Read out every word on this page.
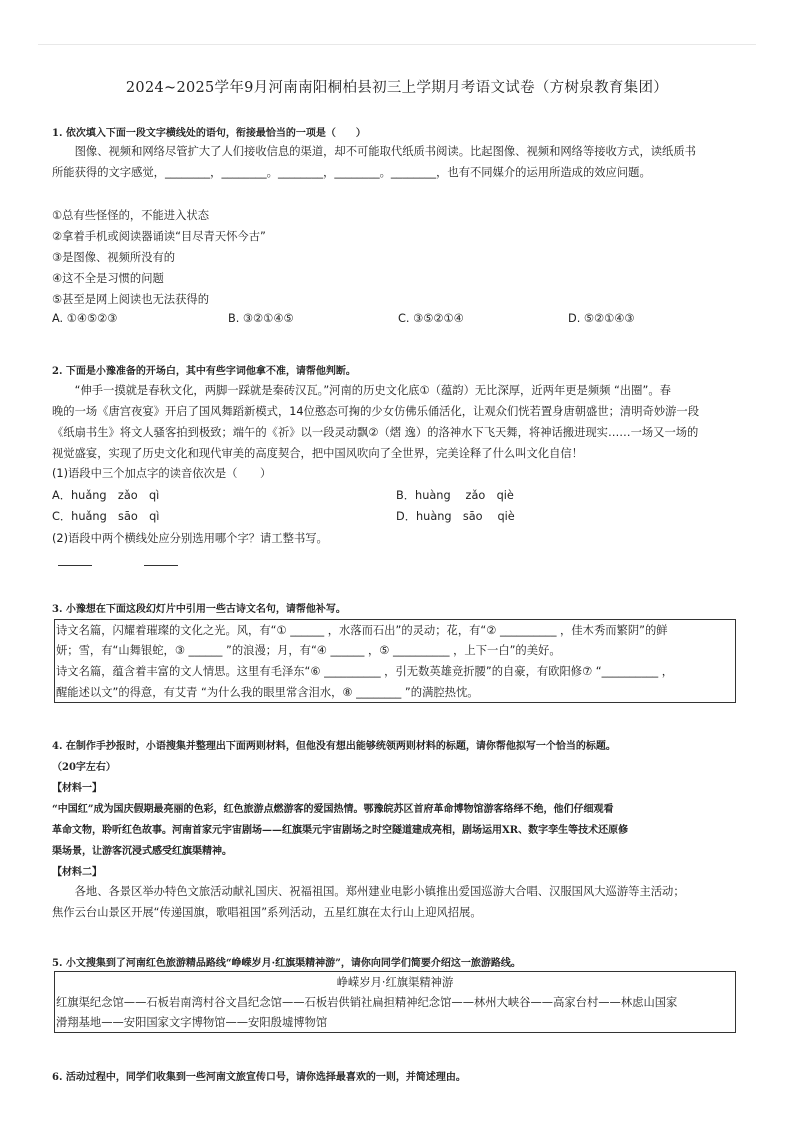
2024~2025学年9月河南南阳桐柏县初三上学期月考语文试卷（方树泉教育集团）
1. 依次填入下面一段文字横线处的语句，衔接最恰当的一项是（　　）
图像、视频和网络尽管扩大了人们接收信息的渠道，却不可能取代纸质书阅读。比起图像、视频和网络等接收方式，读纸质书
所能获得的文字感觉，________，________。________，________。________，也有不同媒介的运用所造成的效应问题。
①总有些怪怪的，不能进入状态
②拿着手机或阅读器诵读“目尽青天怀今古”
③是图像、视频所没有的
④这不全是习惯的问题
⑤甚至是网上阅读也无法获得的
A. ①④⑤②③	B. ③②①④⑤	C. ③⑤②①④	D. ⑤②①④③
2. 下面是小豫准备的开场白，其中有些字词他拿不准，请帮他判断。
“伸手一摸就是春秋文化，两脚一踩就是秦砖汉瓦。”河南的历史文化底①（蕴韵）无比深厚，近两年更是频频 “出圈”。春
晚的一场《唐宫夜宴》开启了国风舞蹈新模式，14位憨态可掬的少女仿佛乐俑活化，让观众们恍若置身唐朝盛世；清明奇妙游一段
《纸扇书生》将文人骚客拍到极致；端午的《祈》以一段灵动飘②（熠 逸）的洛神水下飞天舞，将神话搬进现实……一场又一场的
视觉盛宴，实现了历史文化和现代审美的高度契合，把中国风吹向了全世界，完美诠释了什么叫文化自信！
(1)语段中三个加点字的读音依次是（　　）
A．huǎng　zǎo　qì	B．huàng　 zǎo　qiè
C．huǎng　sāo　qì	D．huàng　sāo　 qiè
(2)语段中两个横线处应分别选用哪个字？请工整书写。
3. 小豫想在下面这段幻灯片中引用一些古诗文名句，请帮他补写。
诗文名篇，闪耀着璀璨的文化之光。风，有“① ______ ，水落而石出”的灵动；花，有“② __________ ，佳木秀而繁阴”的鲜
妍；雪，有“山舞银蛇，③ ______ ”的浪漫；月，有“④ ______ ，⑤ __________ ，上下一白”的美好。
诗文名篇，蕴含着丰富的文人情思。这里有毛泽东“⑥ __________ ，引无数英雄竞折腰”的自豪，有欧阳修⑦ “__________ ，
醒能述以文”的得意，有艾青 “为什么我的眼里常含泪水，⑧ ________ ”的满腔热忱。
4. 在制作手抄报时，小语搜集并整理出下面两则材料，但他没有想出能够统领两则材料的标题，请你帮他拟写一个恰当的标题。
（20字左右）
【材料一】
“中国红”成为国庆假期最亮丽的色彩，红色旅游点燃游客的爱国热情。鄂豫皖苏区首府革命博物馆游客络绎不绝，他们仔细观看
革命文物，聆听红色故事。河南首家元宇宙剧场——红旗渠元宇宙剧场之时空隧道建成亮相，剧场运用XR、数字孪生等技术还原修
渠场景，让游客沉浸式感受红旗渠精神。
【材料二】
各地、各景区举办特色文旅活动献礼国庆、祝福祖国。郑州建业电影小镇推出爱国巡游大合唱、汉服国风大巡游等主活动；
焦作云台山景区开展“传递国旗，歌唱祖国”系列活动，五星红旗在太行山上迎风招展。
5. 小文搜集到了河南红色旅游精品路线“峥嵘岁月·红旗渠精神游”，请你向同学们简要介绍这一旅游路线。
峥嵘岁月·红旗渠精神游
红旗渠纪念馆——石板岩南湾村谷文昌纪念馆——石板岩供销社扁担精神纪念馆——林州大峡谷——高家台村——林虑山国家
滑翔基地——安阳国家文字博物馆——安阳殷墟博物馆
6. 活动过程中，同学们收集到一些河南文旅宣传口号，请你选择最喜欢的一则，并简述理由。
